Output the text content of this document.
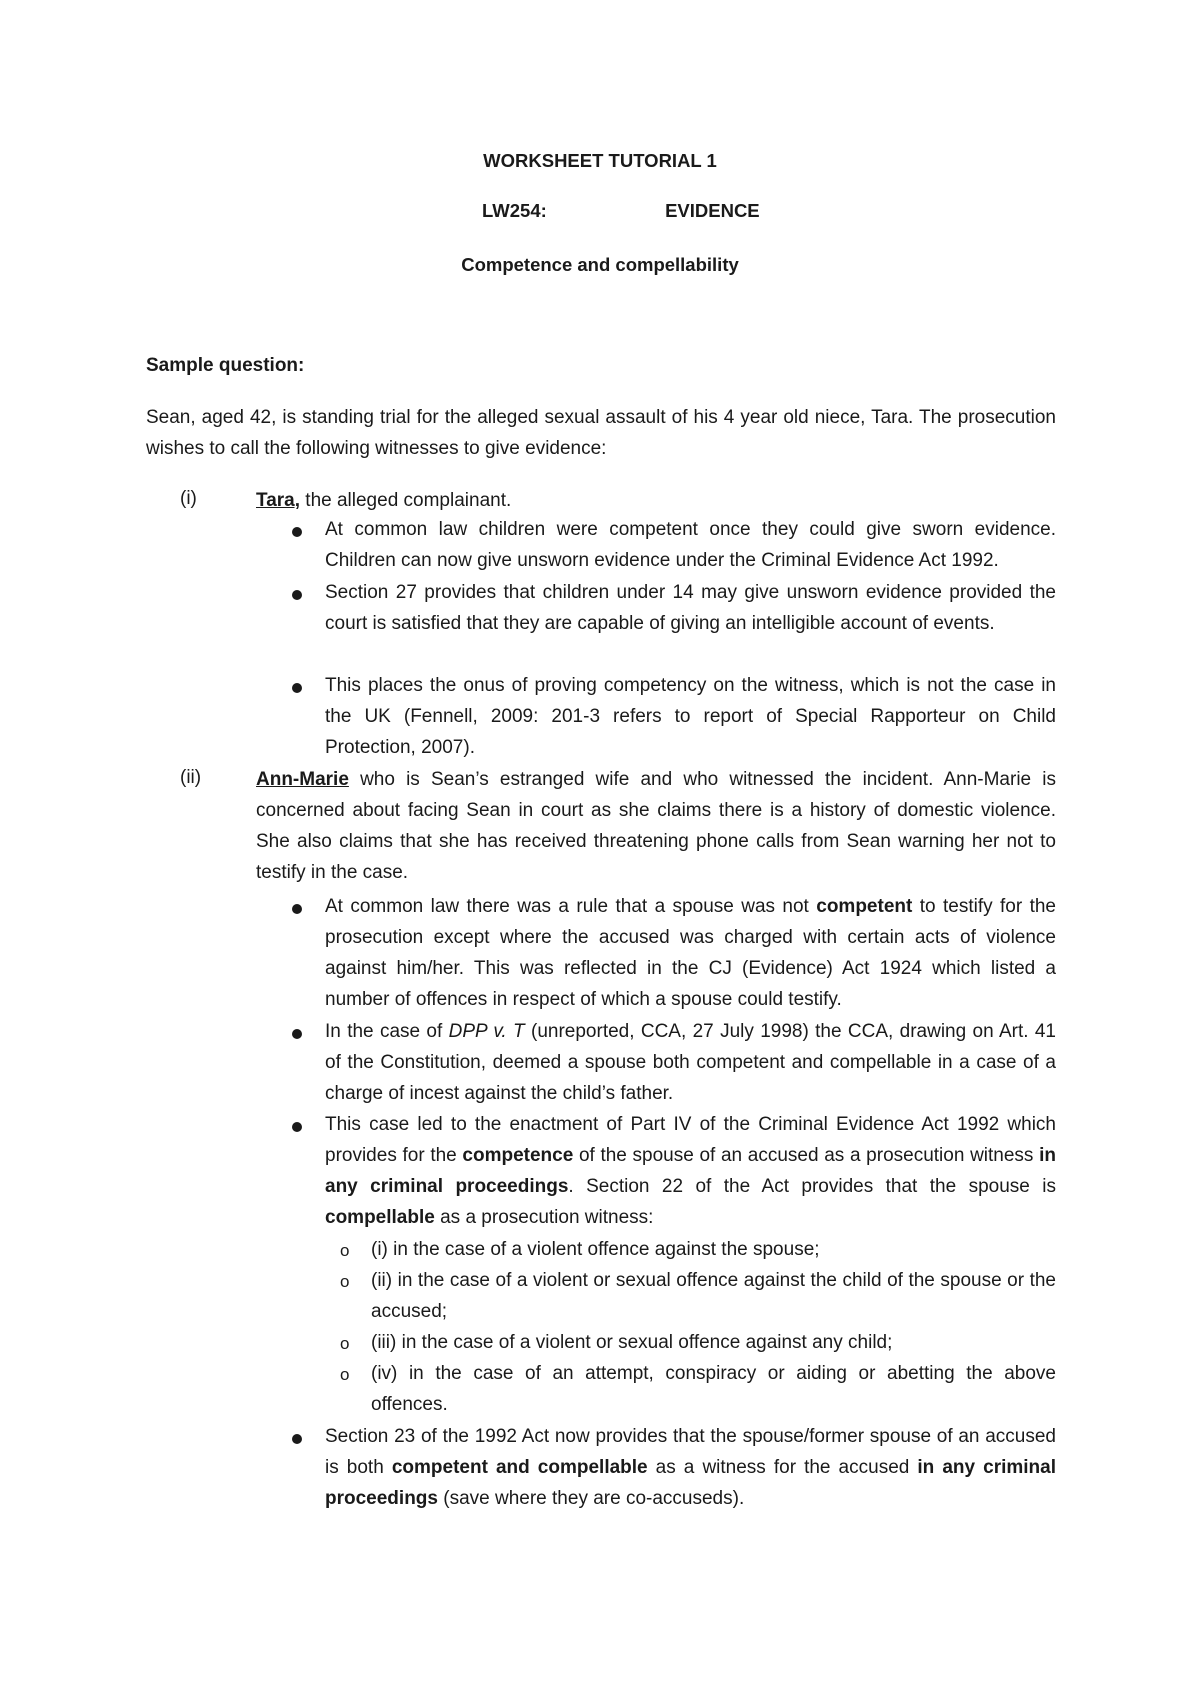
WORKSHEET TUTORIAL 1
LW254:	EVIDENCE
Competence and compellability
Sample question:
Sean, aged 42, is standing trial for the alleged sexual assault of his 4 year old niece, Tara. The prosecution wishes to call the following witnesses to give evidence:
(i)	Tara, the alleged complainant.
At common law children were competent once they could give sworn evidence. Children can now give unsworn evidence under the Criminal Evidence Act 1992.
Section 27 provides that children under 14 may give unsworn evidence provided the court is satisfied that they are capable of giving an intelligible account of events.
This places the onus of proving competency on the witness, which is not the case in the UK (Fennell, 2009: 201-3 refers to report of Special Rapporteur on Child Protection, 2007).
(ii)	Ann-Marie who is Sean’s estranged wife and who witnessed the incident. Ann-Marie is concerned about facing Sean in court as she claims there is a history of domestic violence. She also claims that she has received threatening phone calls from Sean warning her not to testify in the case.
At common law there was a rule that a spouse was not competent to testify for the prosecution except where the accused was charged with certain acts of violence against him/her. This was reflected in the CJ (Evidence) Act 1924 which listed a number of offences in respect of which a spouse could testify.
In the case of DPP v. T (unreported, CCA, 27 July 1998) the CCA, drawing on Art. 41 of the Constitution, deemed a spouse both competent and compellable in a case of a charge of incest against the child’s father.
This case led to the enactment of Part IV of the Criminal Evidence Act 1992 which provides for the competence of the spouse of an accused as a prosecution witness in any criminal proceedings. Section 22 of the Act provides that the spouse is compellable as a prosecution witness:
o (i) in the case of a violent offence against the spouse;
o (ii) in the case of a violent or sexual offence against the child of the spouse or the accused;
o (iii) in the case of a violent or sexual offence against any child;
o (iv) in the case of an attempt, conspiracy or aiding or abetting the above offences.
Section 23 of the 1992 Act now provides that the spouse/former spouse of an accused is both competent and compellable as a witness for the accused in any criminal proceedings (save where they are co-accuseds).
